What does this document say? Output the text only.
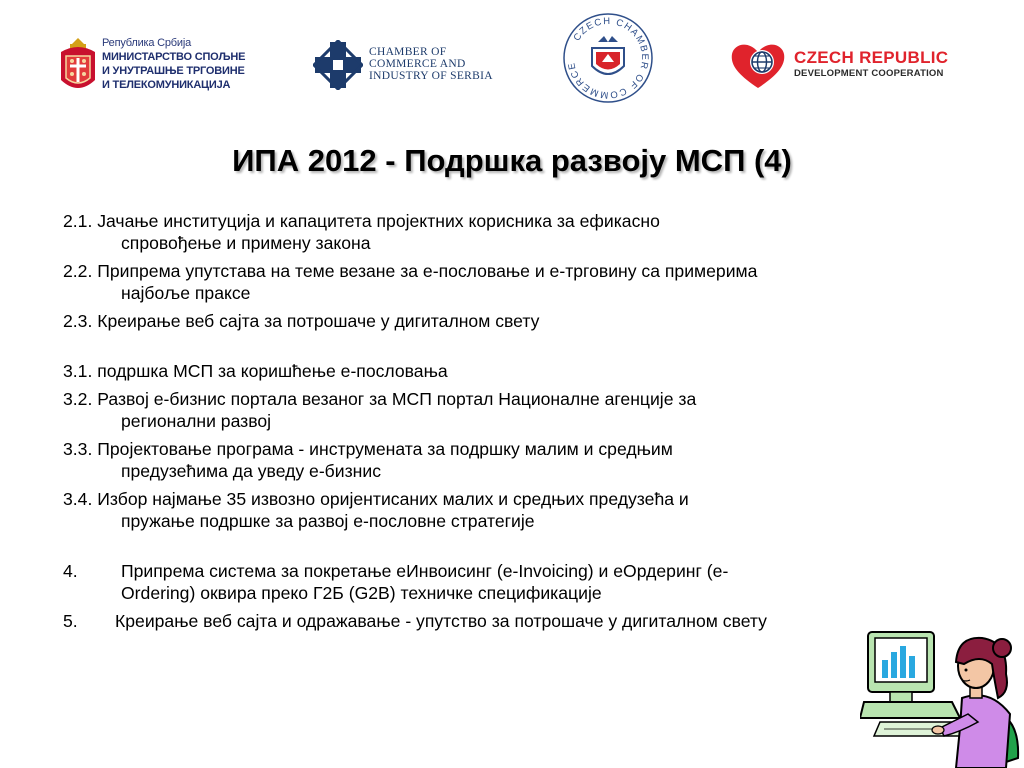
Република Србија
МИНИСТАРСТВО СПОЉНЕ
И УНУТРАШЊЕ ТРГОВИНЕ
И ТЕЛЕКОМУНИКАЦИЈА
CHAMBER OF
COMMERCE AND
INDUSTRY OF SERBIA
CZECH CHAMBER OF COMMERCE	CZECH REPUBLIC
DEVELOPMENT COOPERATION
ИПА 2012 - Подршка развоју МСП (4)
2.1. Јачање институција и капацитета пројектних корисника за ефикасно
спровођење и примену закона
2.2. Припрема упутстава на теме везане за е-пословање и е-трговину са примерима
најбоље праксе
2.3. Креирање веб сајта за потрошаче у дигиталном свету
3.1. подршка МСП за коришћење е-пословања
3.2. Развој е-бизнис портала везаног за МСП портал Националне агенције за
регионални развој
3.3. Пројектовање програма - инструмената за подршку малим и средњим
предузећима да уведу е-бизнис
3.4. Избор најмање 35 извозно оријентисаних малих и средњих предузећа и
пружање подршке за развој е-пословне стратегије
4. Припрема система за покретање еИнвоисинг (e-Invoicing) и еОрдеринг (e-
Ordering) оквира преко Г2Б (G2B) техничке спецификације
5. Креирање веб сајта и одражавање - упутство за потрошаче у дигиталном свету
